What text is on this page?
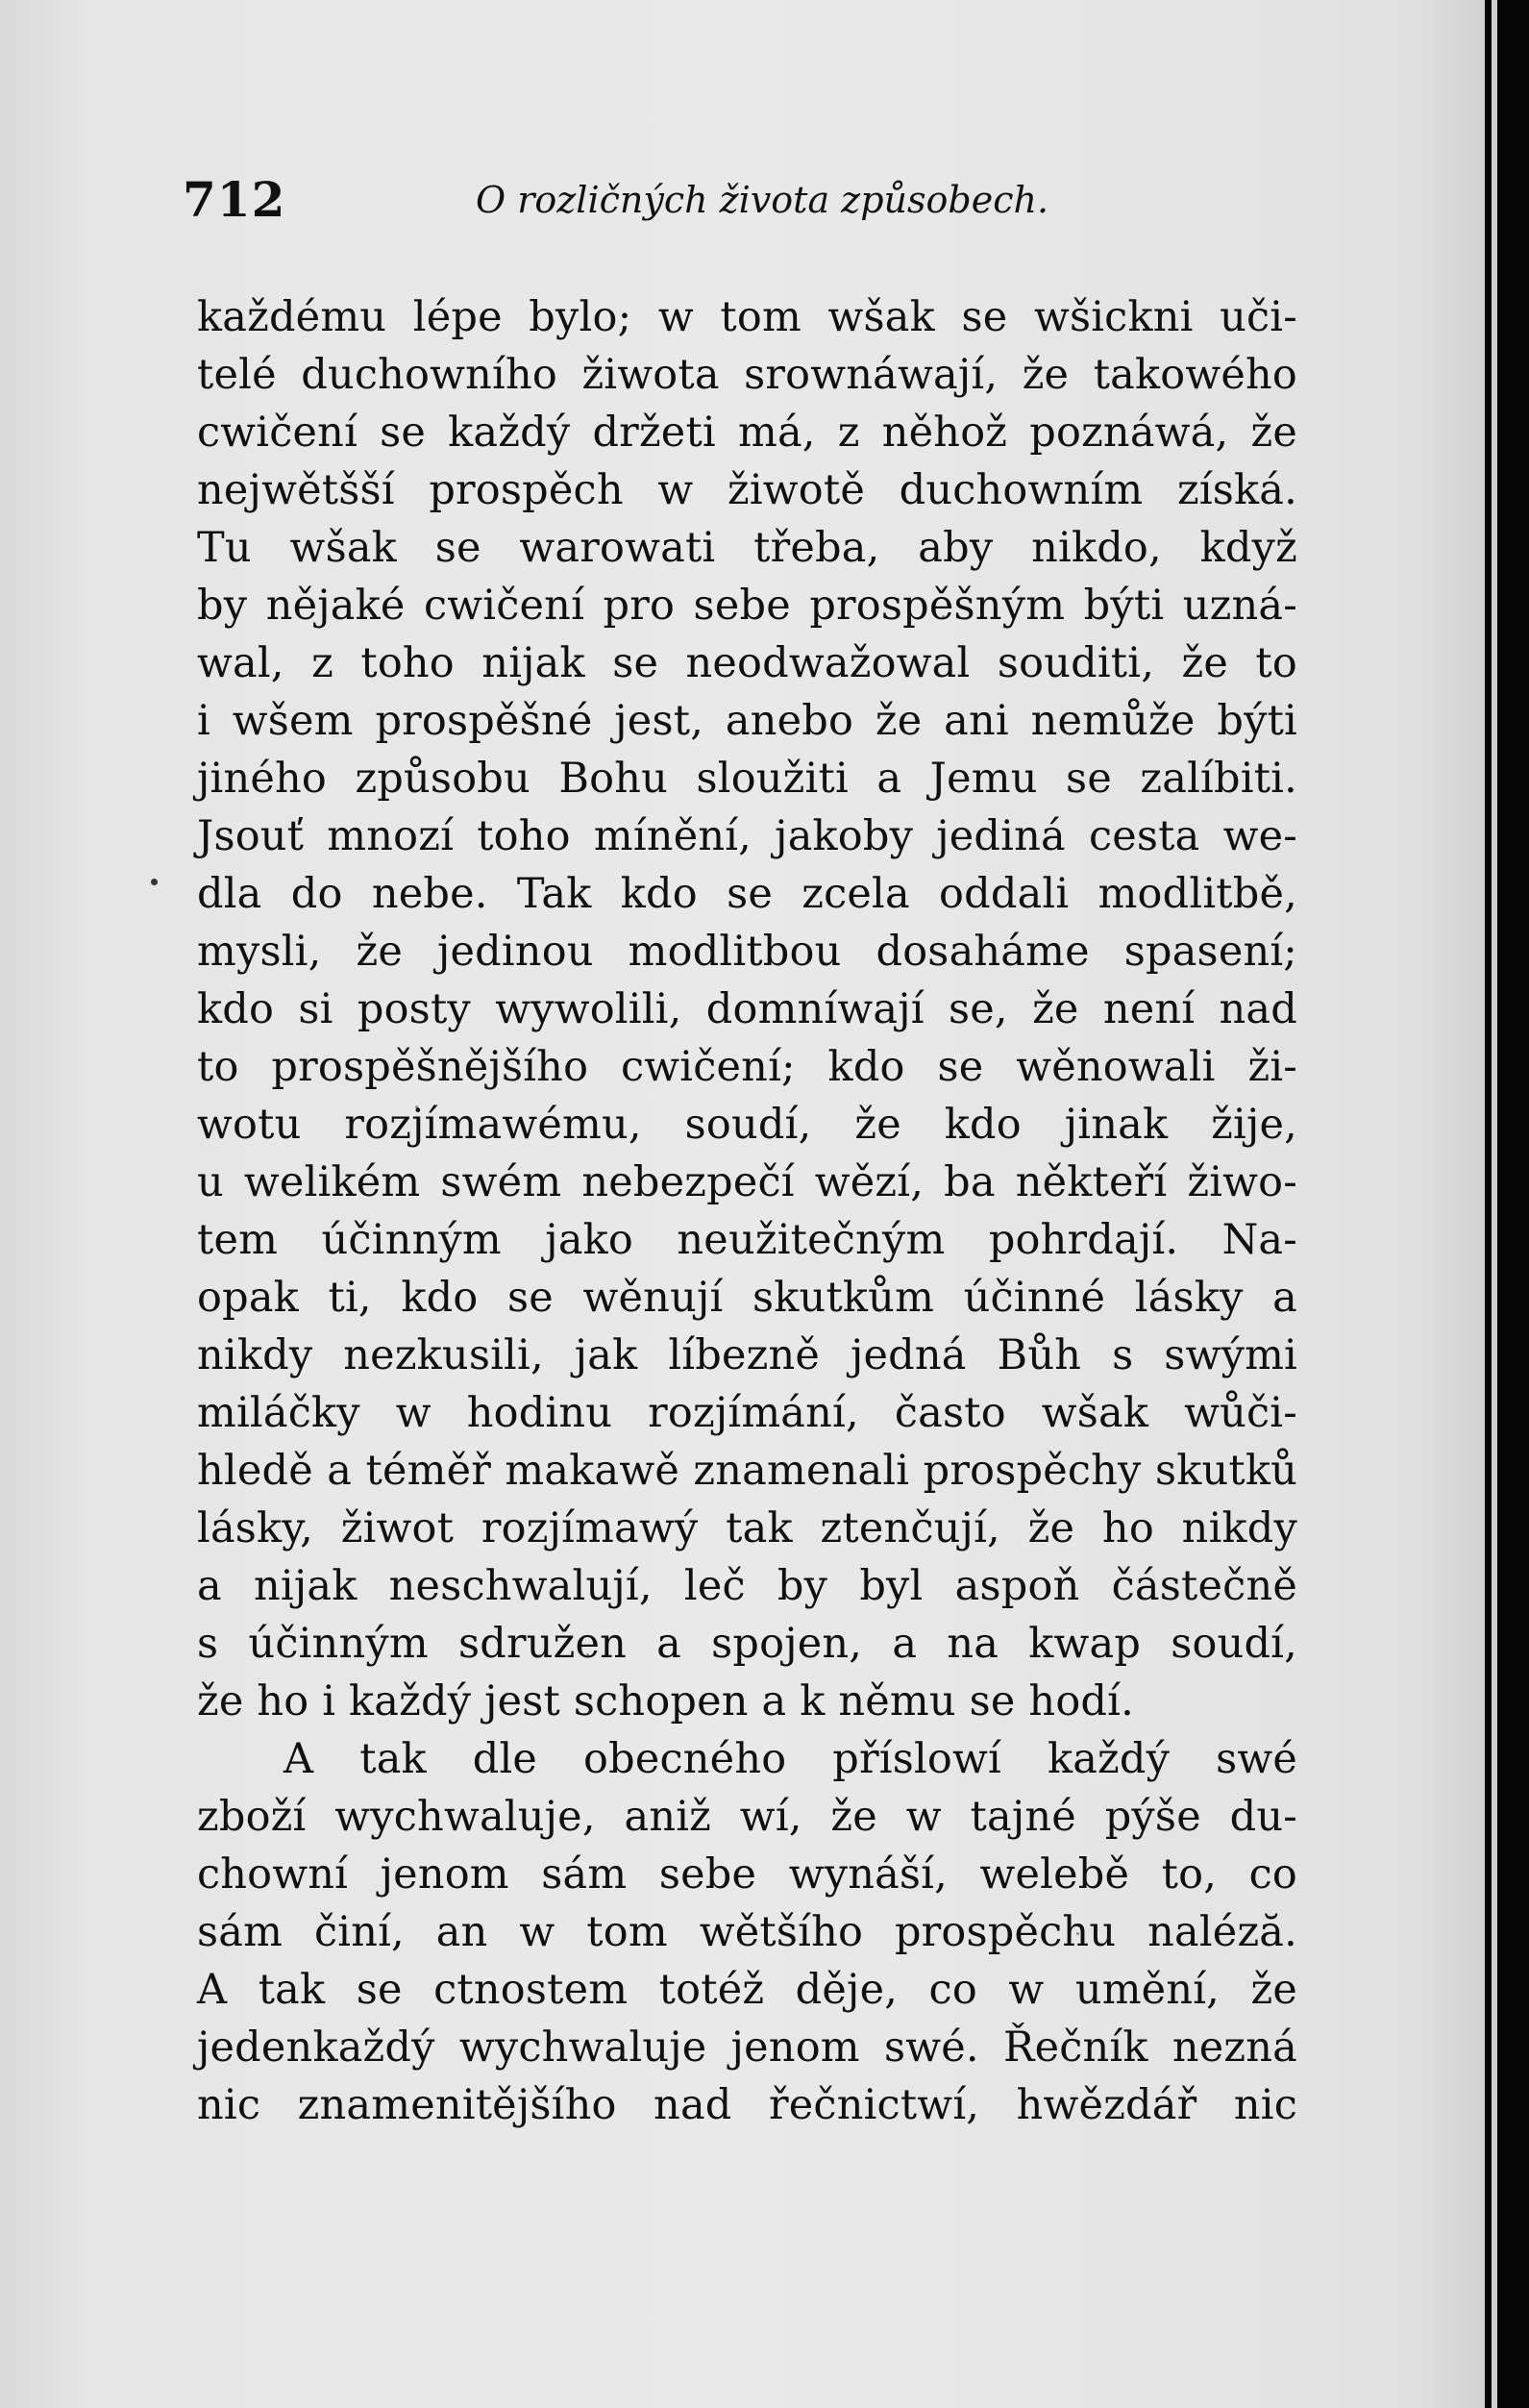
712	O rozličných života způsobech.
každému lépe bylo; w tom wšak se wšickni uči-
telé duchowního žiwota srownáwají, že takowého
cwičení se každý držeti má, z něhož poznáwá, že
nejwětšší prospěch w žiwotě duchowním získá.
Tu wšak se warowati třeba, aby nikdo, když
by nějaké cwičení pro sebe prospěšným býti uzná-
wal, z toho nijak se neodwažowal souditi, že to
i wšem prospěšné jest, anebo že ani nemůže býti
jiného způsobu Bohu sloužiti a Jemu se zalíbiti.
Jsouť mnozí toho mínění, jakoby jediná cesta we-
dla do nebe. Tak kdo se zcela oddali modlitbě,
mysli, že jedinou modlitbou dosaháme spasení;
kdo si posty wywolili, domníwají se, že není nad
to prospěšnějšího cwičení; kdo se wěnowali ži-
wotu rozjímawému, soudí, že kdo jinak žije,
u welikém swém nebezpečí wězí, ba někteří žiwo-
tem účinným jako neužitečným pohrdají. Na-
opak ti, kdo se wěnují skutkům účinné lásky a
nikdy nezkusili, jak líbezně jedná Bůh s swými
miláčky w hodinu rozjímání, často wšak wůči-
hledě a téměř makawě znamenali prospěchy skutků
lásky, žiwot rozjímawý tak ztenčují, že ho nikdy
a nijak neschwalují, leč by byl aspoň částečně
s účinným sdružen a spojen, a na kwap soudí,
že ho i každý jest schopen a k němu se hodí.
A tak dle obecného příslowí každý swé
zboží wychwaluje, aniž wí, že w tajné pýše du-
chowní jenom sám sebe wynáší, welebě to, co
sám činí, an w tom wětšího prospěchu naléză.
A tak se ctnostem totéž děje, co w umění, že
jedenkaždý wychwaluje jenom swé. Řečník nezná
nic znamenitějšího nad řečnictwí, hwězdář nic
